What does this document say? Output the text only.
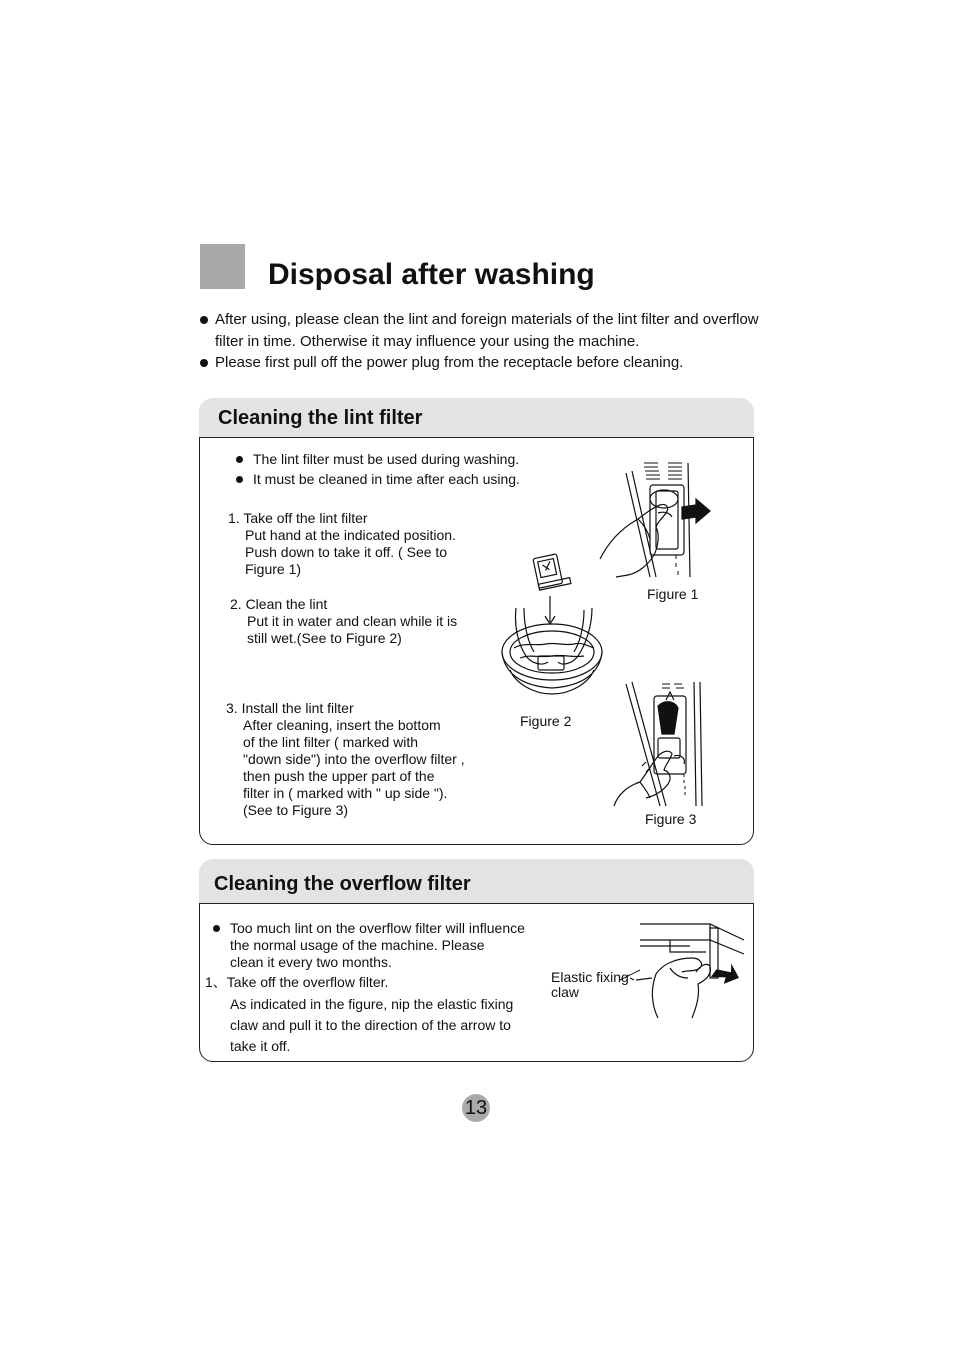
Disposal after washing
After using, please clean the lint and foreign materials of the lint filter and overflow filter in time. Otherwise it may influence your using the machine.
Please first pull off the power plug from the receptacle before cleaning.
Cleaning the lint filter
The lint filter must be used during washing.
It must be cleaned in time after each using.
1. Take off the lint filter
Put hand at the indicated position.
Push down to take it off. ( See to
Figure 1)
2. Clean the lint
Put it in water and clean while it is
still wet.(See to Figure 2)
3. Install the lint filter
After cleaning, insert the bottom
of the lint filter ( marked with
"down side") into the overflow filter ,
then push the upper part of the
filter in ( marked with " up side ").
(See to Figure 3)
Figure 1
Figure 2
Figure 3
Cleaning the overflow filter
Too much lint on the overflow filter will influence
the normal usage of the machine. Please
clean it every two months.
1、Take off the overflow filter.
As indicated in the figure, nip the elastic fixing
claw and pull it to the direction of the arrow to
take it off.
Elastic fixing
claw
13
